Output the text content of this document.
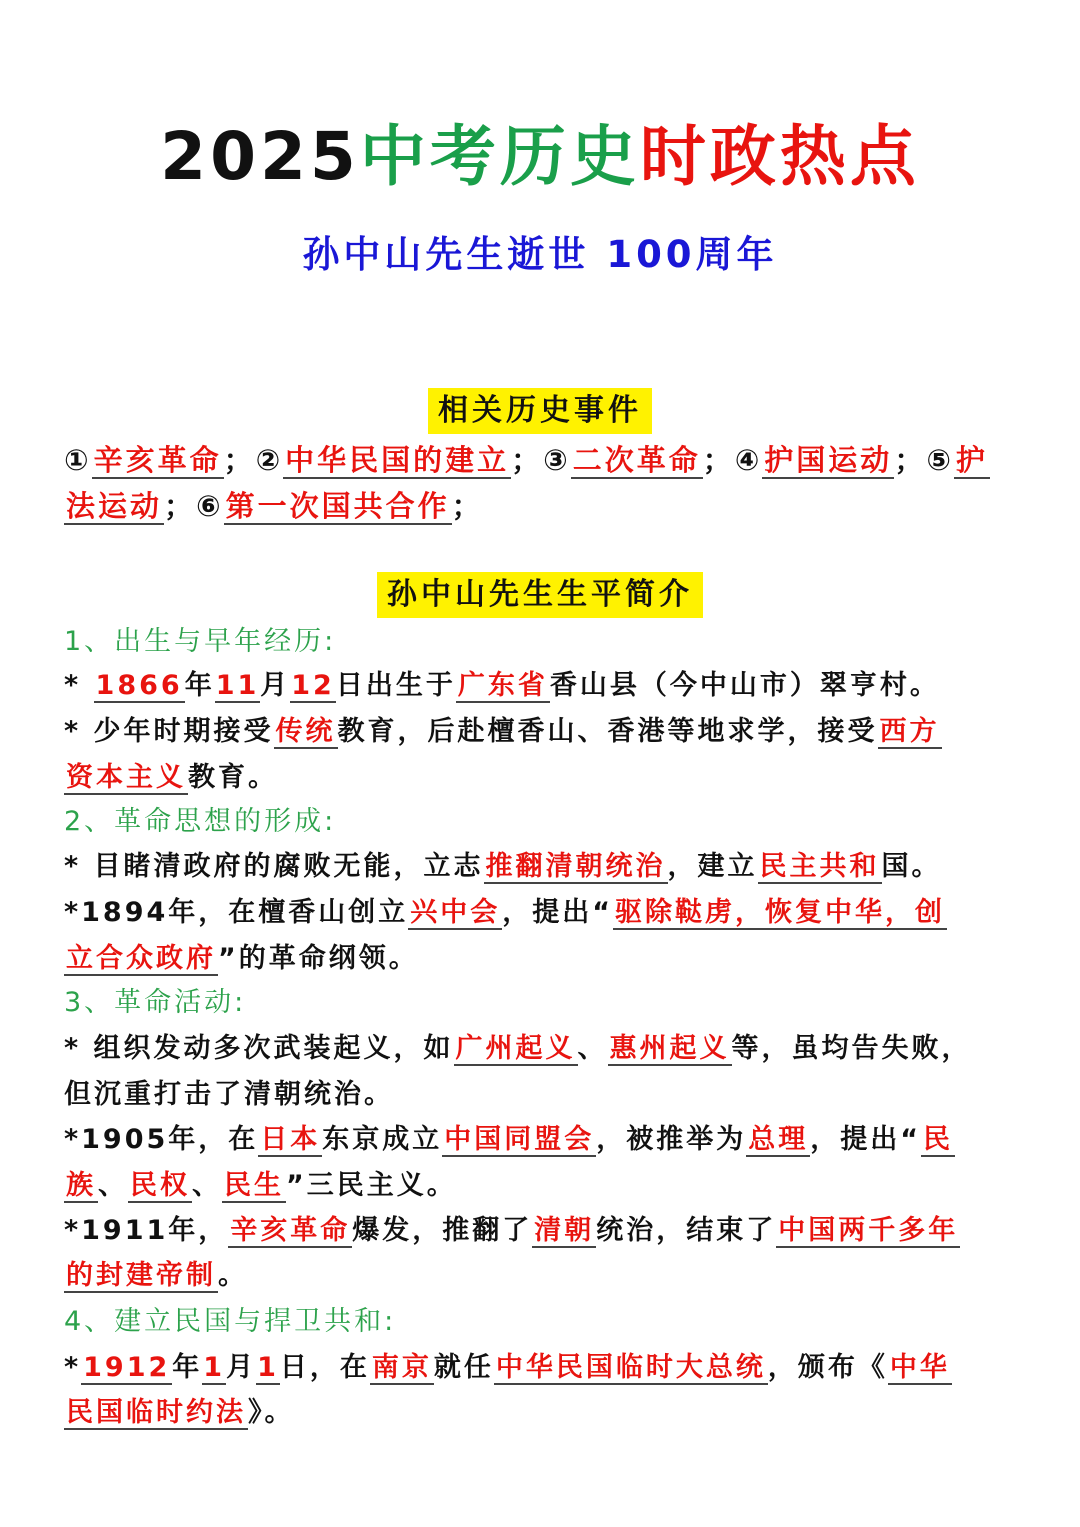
2025中考历史时政热点
孙中山先生逝世 100周年
相关历史事件
①辛亥革命；②中华民国的建立；③二次革命；④护国运动；⑤护
法运动；⑥第一次国共合作；
孙中山先生生平简介
1、出生与早年经历:
* 1866年11月12日出生于广东省香山县（今中山市）翠亨村。
* 少年时期接受传统教育，后赴檀香山、香港等地求学，接受西方
资本主义教育。
2、革命思想的形成:
* 目睹清政府的腐败无能，立志推翻清朝统治，建立民主共和国。
*1894年，在檀香山创立兴中会，提出“驱除鞑虏，恢复中华，创
立合众政府”的革命纲领。
3、革命活动:
* 组织发动多次武装起义，如广州起义、惠州起义等，虽均告失败，
但沉重打击了清朝统治。
*1905年，在日本东京成立中国同盟会，被推举为总理，提出“民
族、民权、民生”三民主义。
*1911年，辛亥革命爆发，推翻了清朝统治，结束了中国两千多年
的封建帝制。
4、建立民国与捍卫共和:
*1912年1月1日，在南京就任中华民国临时大总统，颁布《中华
民国临时约法》。
